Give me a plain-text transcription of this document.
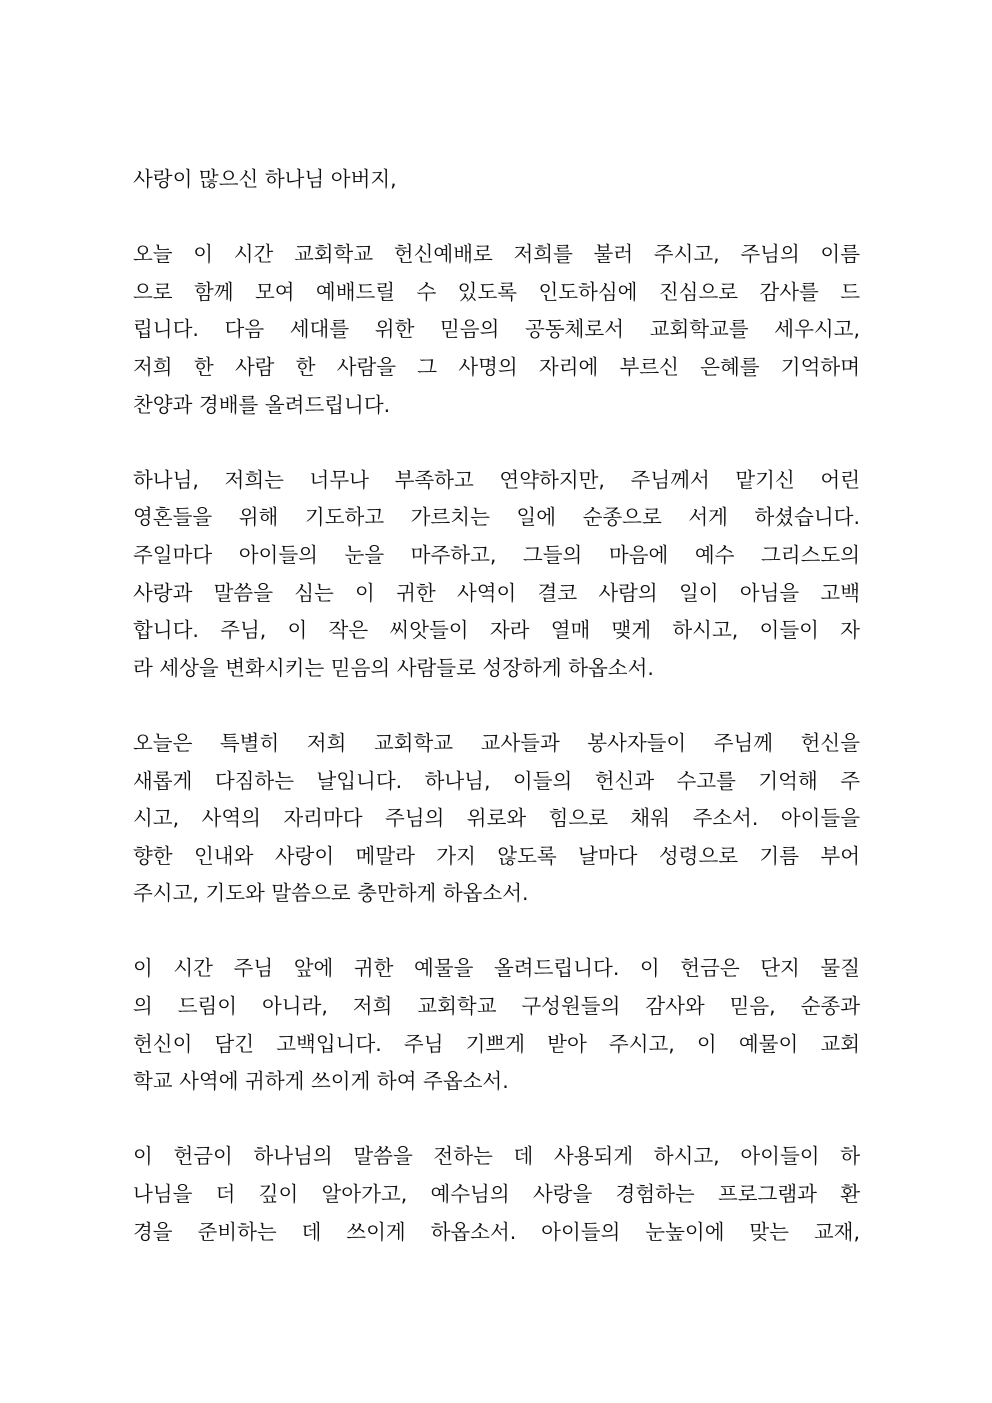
사랑이 많으신 하나님 아버지,

오늘 이 시간 교회학교 헌신예배로 저희를 불러 주시고, 주님의 이름
으로 함께 모여 예배드릴 수 있도록 인도하심에 진심으로 감사를 드
립니다. 다음 세대를 위한 믿음의 공동체로서 교회학교를 세우시고,
저희 한 사람 한 사람을 그 사명의 자리에 부르신 은혜를 기억하며
찬양과 경배를 올려드립니다.

하나님, 저희는 너무나 부족하고 연약하지만, 주님께서 맡기신 어린
영혼들을 위해 기도하고 가르치는 일에 순종으로 서게 하셨습니다.
주일마다 아이들의 눈을 마주하고, 그들의 마음에 예수 그리스도의
사랑과 말씀을 심는 이 귀한 사역이 결코 사람의 일이 아님을 고백
합니다. 주님, 이 작은 씨앗들이 자라 열매 맺게 하시고, 이들이 자
라 세상을 변화시키는 믿음의 사람들로 성장하게 하옵소서.

오늘은 특별히 저희 교회학교 교사들과 봉사자들이 주님께 헌신을
새롭게 다짐하는 날입니다. 하나님, 이들의 헌신과 수고를 기억해 주
시고, 사역의 자리마다 주님의 위로와 힘으로 채워 주소서. 아이들을
향한 인내와 사랑이 메말라 가지 않도록 날마다 성령으로 기름 부어
주시고, 기도와 말씀으로 충만하게 하옵소서.

이 시간 주님 앞에 귀한 예물을 올려드립니다. 이 헌금은 단지 물질
의 드림이 아니라, 저희 교회학교 구성원들의 감사와 믿음, 순종과
헌신이 담긴 고백입니다. 주님 기쁘게 받아 주시고, 이 예물이 교회
학교 사역에 귀하게 쓰이게 하여 주옵소서.

이 헌금이 하나님의 말씀을 전하는 데 사용되게 하시고, 아이들이 하
나님을 더 깊이 알아가고, 예수님의 사랑을 경험하는 프로그램과 환
경을 준비하는 데 쓰이게 하옵소서. 아이들의 눈높이에 맞는 교재,
